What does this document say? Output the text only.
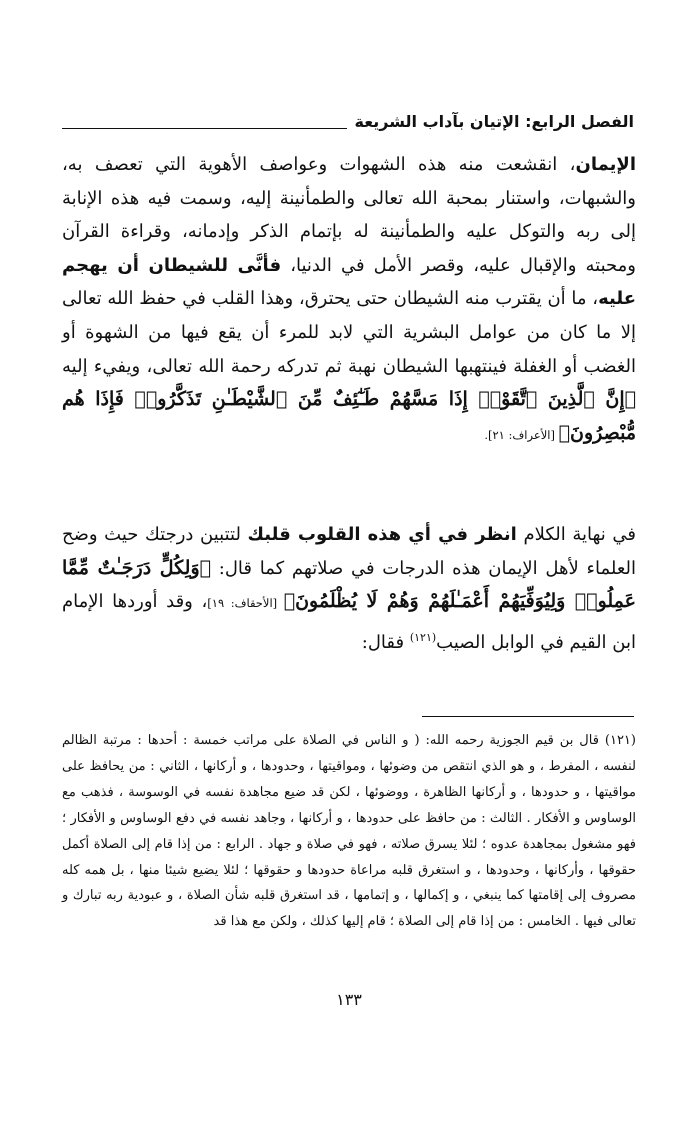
الفصل الرابع: الإتيان بآداب الشريعة

الإيمان، انقشعت منه هذه الشهوات وعواصف الأهوية التي تعصف به، والشبهات، واستنار بمحبة الله تعالى والطمأنينة إليه، وسمت فيه هذه الإنابة إلى ربه والتوكل عليه والطمأنينة له بإتمام الذكر وإدمانه، وقراءة القرآن ومحبته والإقبال عليه، وقصر الأمل في الدنيا، فأنَّى للشيطان أن يهجم عليه، ما أن يقترب منه الشيطان حتى يحترق، وهذا القلب في حفظ الله تعالى إلا ما كان من عوامل البشرية التي لابد للمرء أن يقع فيها من الشهوة أو الغضب أو الغفلة فينتهبها الشيطان نهبة ثم تدركه رحمة الله تعالى، ويفيء إليه ﴿إِنَّ ٱلَّذِينَ ٱتَّقَوْا۟ إِذَا مَسَّهُمْ طَـٰٓئِفٌ مِّنَ ٱلشَّيْطَـٰنِ تَذَكَّرُوا۟ فَإِذَا هُم مُّبْصِرُونَ﴾ [الأعراف: ٢١].

في نهاية الكلام انظر في أي هذه القلوب قلبك لتتبين درجتك حيث وضح العلماء لأهل الإيمان هذه الدرجات في صلاتهم كما قال: ﴿وَلِكُلٍّ دَرَجَـٰتٌ مِّمَّا عَمِلُوا۟ وَلِيُوَفِّيَهُمْ أَعْمَـٰلَهُمْ وَهُمْ لَا يُظْلَمُونَ﴾ [الأحقاف: ١٩]، وقد أوردها الإمام ابن القيم في الوابل الصيب$^{(١٢١)}$ فقال:

(١٢١) قال بن قيم الجوزية رحمه الله: ( و الناس في الصلاة على مراتب خمسة : أحدها : مرتبة الظالم لنفسه ، المفرط ، و هو الذي انتقص من وضوئها ، ومواقيتها ، وحدودها ، و أركانها ، الثاني : من يحافظ على مواقيتها ، و حدودها ، و أركانها الظاهرة ، ووضوئها ، لكن قد ضيع مجاهدة نفسه في الوسوسة ، فذهب مع الوساوس و الأفكار . الثالث : من حافظ على حدودها ، و أركانها ، وجاهد نفسه في دفع الوساوس و الأفكار ؛ فهو مشغول بمجاهدة عدوه ؛ لئلا يسرق صلاته ، فهو في صلاة و جهاد . الرابع : من إذا قام إلى الصلاة أكمل حقوقها ، وأركانها ، وحدودها ، و استغرق قلبه مراعاة حدودها و حقوقها ؛ لئلا يضيع شيئا منها ، بل همه كله مصروف إلى إقامتها كما ينبغي ، و إكمالها ، و إتمامها ، قد استغرق قلبه شأن الصلاة ، و عبودية ربه تبارك و تعالى فيها . الخامس : من إذا قام إلى الصلاة ؛ قام إليها كذلك ، ولكن مع هذا قد

١٣٣
